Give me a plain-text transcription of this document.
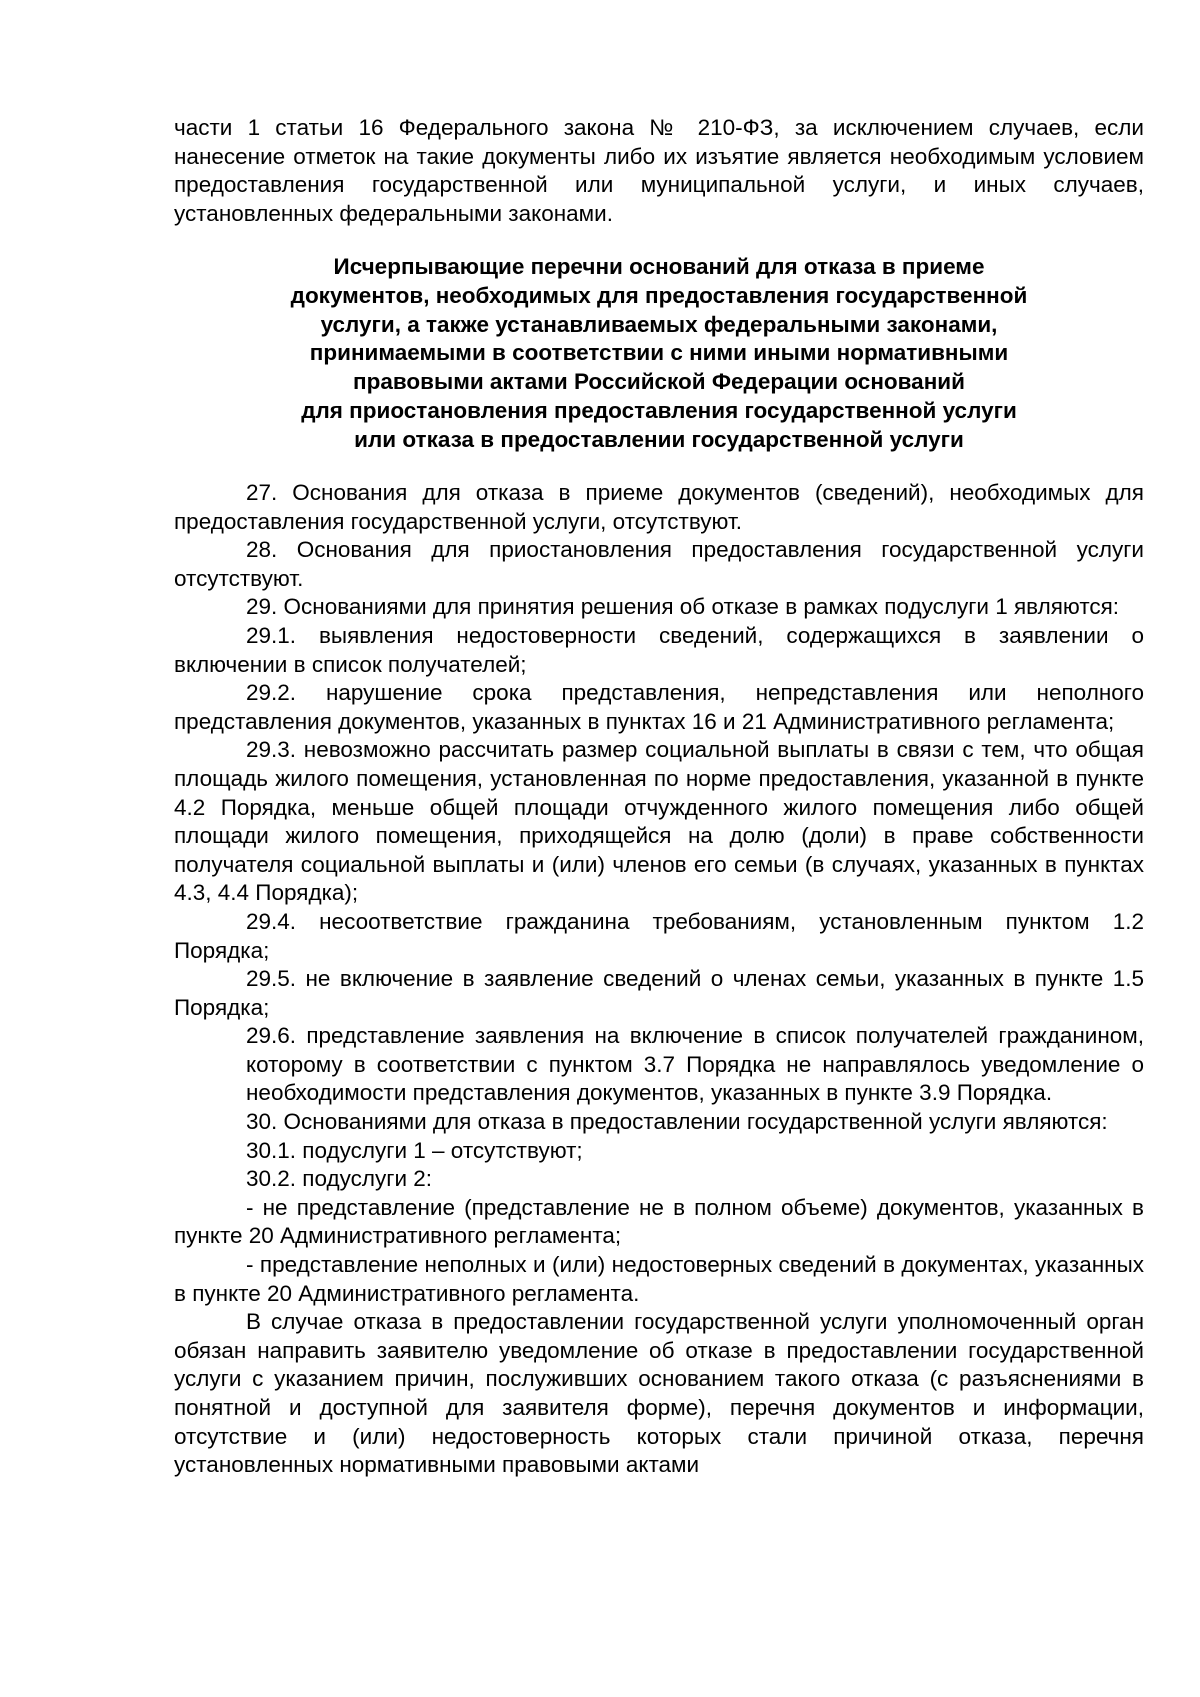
части 1 статьи 16 Федерального закона № 210-ФЗ, за исключением случаев, если нанесение отметок на такие документы либо их изъятие является необходимым условием предоставления государственной или муниципальной услуги, и иных случаев, установленных федеральными законами.

Исчерпывающие перечни оснований для отказа в приеме

документов, необходимых для предоставления государственной

услуги, а также устанавливаемых федеральными законами,

принимаемыми в соответствии с ними иными нормативными

правовыми актами Российской Федерации оснований

для приостановления предоставления государственной услуги

или отказа в предоставлении государственной услуги

27. Основания для отказа в приеме документов (сведений), необходимых для предоставления государственной услуги, отсутствуют.

28. Основания для приостановления предоставления государственной услуги отсутствуют.

29. Основаниями для принятия решения об отказе в рамках подуслуги 1 являются:

29.1. выявления недостоверности сведений, содержащихся в заявлении о включении в список получателей;

29.2. нарушение срока представления, непредставления или неполного представления документов, указанных в пунктах 16 и 21 Административного регламента;

29.3. невозможно рассчитать размер социальной выплаты в связи с тем, что общая площадь жилого помещения, установленная по норме предоставления, указанной в пункте 4.2 Порядка, меньше общей площади отчужденного жилого помещения либо общей площади жилого помещения, приходящейся на долю (доли) в праве собственности получателя социальной выплаты и (или) членов его семьи (в случаях, указанных в пунктах 4.3, 4.4 Порядка);

29.4. несоответствие гражданина требованиям, установленным пунктом 1.2 Порядка;

29.5. не включение в заявление сведений о членах семьи, указанных в пункте 1.5 Порядка;

29.6. представление заявления на включение в список получателей гражданином, которому в соответствии с пунктом 3.7 Порядка не направлялось уведомление о необходимости представления документов, указанных в пункте 3.9 Порядка.

30. Основаниями для отказа в предоставлении государственной услуги являются:

30.1. подуслуги 1 – отсутствуют;

30.2. подуслуги 2:

- не представление (представление не в полном объеме) документов, указанных в пункте 20 Административного регламента;

- представление неполных и (или) недостоверных сведений в документах, указанных в пункте 20 Административного регламента.

В случае отказа в предоставлении государственной услуги уполномоченный орган обязан направить заявителю уведомление об отказе в предоставлении государственной услуги с указанием причин, послуживших основанием такого отказа (с разъяснениями в понятной и доступной для заявителя форме), перечня документов и информации, отсутствие и (или) недостоверность которых стали причиной отказа, перечня установленных нормативными правовыми актами
